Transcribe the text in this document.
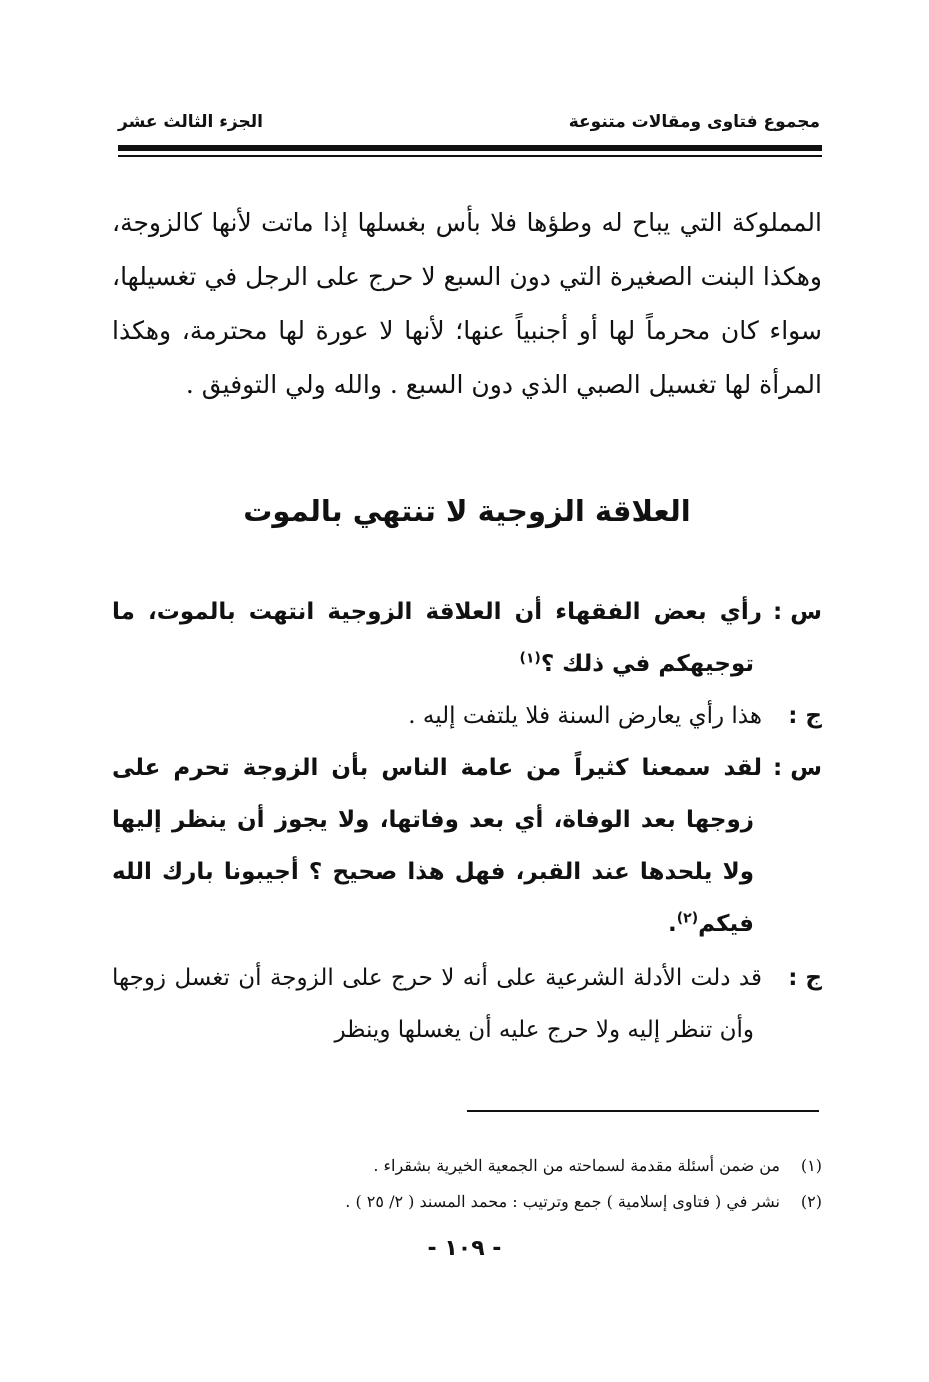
مجموع فتاوى ومقالات متنوعة
الجزء الثالث عشر

المملوكة التي يباح له وطؤها فلا بأس بغسلها إذا ماتت لأنها كالزوجة، وهكذا البنت الصغيرة التي دون السبع لا حرج على الرجل في تغسيلها، سواء كان محرماً لها أو أجنبياً عنها؛ لأنها لا عورة لها محترمة، وهكذا المرأة لها تغسيل الصبي الذي دون السبع . والله ولي التوفيق .

العلاقة الزوجية لا تنتهي بالموت

س :رأي بعض الفقهاء أن العلاقة الزوجية انتهت بالموت، ما توجيهكم في ذلك ؟$^{(١)}$

ج :هذا رأي يعارض السنة فلا يلتفت إليه .

س :لقد سمعنا كثيراً من عامة الناس بأن الزوجة تحرم على زوجها بعد الوفاة، أي بعد وفاتها، ولا يجوز أن ينظر إليها ولا يلحدها عند القبر، فهل هذا صحيح ؟ أجيبونا بارك الله فيكم$^{(٢)}$.

ج :قد دلت الأدلة الشرعية على أنه لا حرج على الزوجة أن تغسل زوجها وأن تنظر إليه ولا حرج عليه أن يغسلها وينظر

(١)من ضمن أسئلة مقدمة لسماحته من الجمعية الخيرية بشقراء .

(٢)نشر في ( فتاوى إسلامية ) جمع وترتيب : محمد المسند ( ٢/ ٢٥ ) .

- ١٠٩ -
